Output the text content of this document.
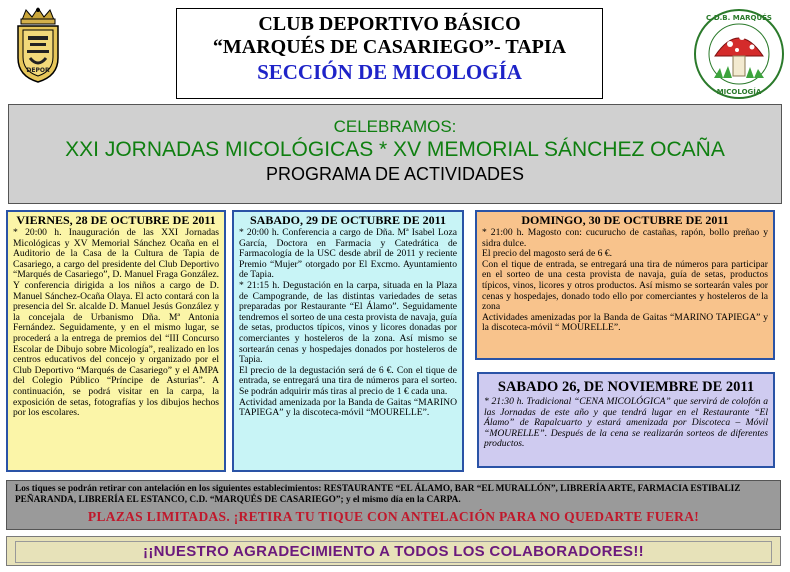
DEPOR
CLUB DEPORTIVO BÁSICO
“MARQUÉS DE CASARIEGO”- TAPIA
SECCIÓN DE MICOLOGÍA
C.D.B. MARQUÉS
MICOLOGÍA
CELEBRAMOS:
XXI JORNADAS MICOLÓGICAS * XV MEMORIAL SÁNCHEZ OCAÑA
PROGRAMA DE ACTIVIDADES
VIERNES, 28 DE OCTUBRE DE 2011

* 20:00 h. Inauguración de las XXI Jornadas Micológicas y XV Memorial Sánchez Ocaña en el Auditorio de la Casa de la Cultura de Tapia de Casariego, a cargo del presidente del Club Deportivo “Marqués de Casariego”, D. Manuel Fraga González. Y conferencia dirigida a los niños a cargo de D. Manuel Sánchez-Ocaña Olaya. El acto contará con la presencia del Sr. alcalde D. Manuel Jesús González y la concejala de Urbanismo Dña. Mª Antonia Fernández. Seguidamente, y en el mismo lugar, se procederá a la entrega de premios del “III Concurso Escolar de Dibujo sobre Micología”, realizado en los centros educativos del concejo y organizado por el Club Deportivo “Marqués de Casariego” y el AMPA del Colegio Público “Príncipe de Asturias”. A continuación, se podrá visitar en la carpa, la exposición de setas, fotografías y los dibujos hechos por los escolares.

SABADO, 29 DE OCTUBRE DE 2011

* 20:00 h. Conferencia a cargo de Dña. Mª Isabel Loza García, Doctora en Farmacia y Catedrática de Farmacología de la USC desde abril de 2011 y reciente Premio “Mujer” otorgado por El Excmo. Ayuntamiento de Tapia.

* 21:15 h. Degustación en la carpa, situada en la Plaza de Campogrande, de las distintas variedades de setas preparadas por Restaurante “El Álamo”. Seguidamente tendremos el sorteo de una cesta provista de navaja, guía de setas, productos típicos, vinos y licores donadas por comerciantes y hosteleros de la zona. Así mismo se sortearán cenas y hospedajes donados por hosteleros de Tapia.

El precio de la degustación será de 6 €. Con el tique de entrada, se entregará una tira de números para el sorteo. Se podrán adquirir más tiras al precio de 1 € cada una.

Actividad amenizada por la Banda de Gaitas “MARINO TAPIEGA” y la discoteca-móvil “MOURELLE”.

DOMINGO, 30 DE OCTUBRE DE 2011

* 21:00 h. Magosto con: cucurucho de castañas, rapón, bollo preñao y sidra dulce.

El precio del magosto será de 6 €.

Con el tique de entrada, se entregará una tira de números para participar en el sorteo de una cesta provista de navaja, guía de setas, productos típicos, vinos, licores y otros productos. Así mismo se sortearán vales por cenas y hospedajes, donado todo ello por comerciantes y hosteleros de la zona

Actividades amenizadas por la Banda de Gaitas “MARINO TAPIEGA” y la discoteca-móvil “ MOURELLE”.

SABADO 26, DE NOVIEMBRE DE 2011

* 21:30 h. Tradicional “CENA MICOLÓGICA” que servirá de colofón a las Jornadas de este año y que tendrá lugar en el Restaurante “El Álamo” de Rapalcuarto y estará amenizada por Discoteca – Móvil “MOURELLE”. Después de la cena se realizarán sorteos de diferentes productos.

Los tiques se podrán retirar con antelación en los siguientes establecimientos: RESTAURANTE “EL ÁLAMO, BAR “EL MURALLÓN”, LIBRERÍA ARTE, FARMACIA ESTIBALIZ PEÑARANDA, LIBRERÍA EL ESTANCO, C.D. “MARQUÉS DE CASARIEGO”; y el mismo día en la CARPA.
PLAZAS LIMITADAS. ¡RETIRA TU TIQUE CON ANTELACIÓN PARA NO QUEDARTE FUERA!
¡¡NUESTRO AGRADECIMIENTO A TODOS LOS COLABORADORES!!
